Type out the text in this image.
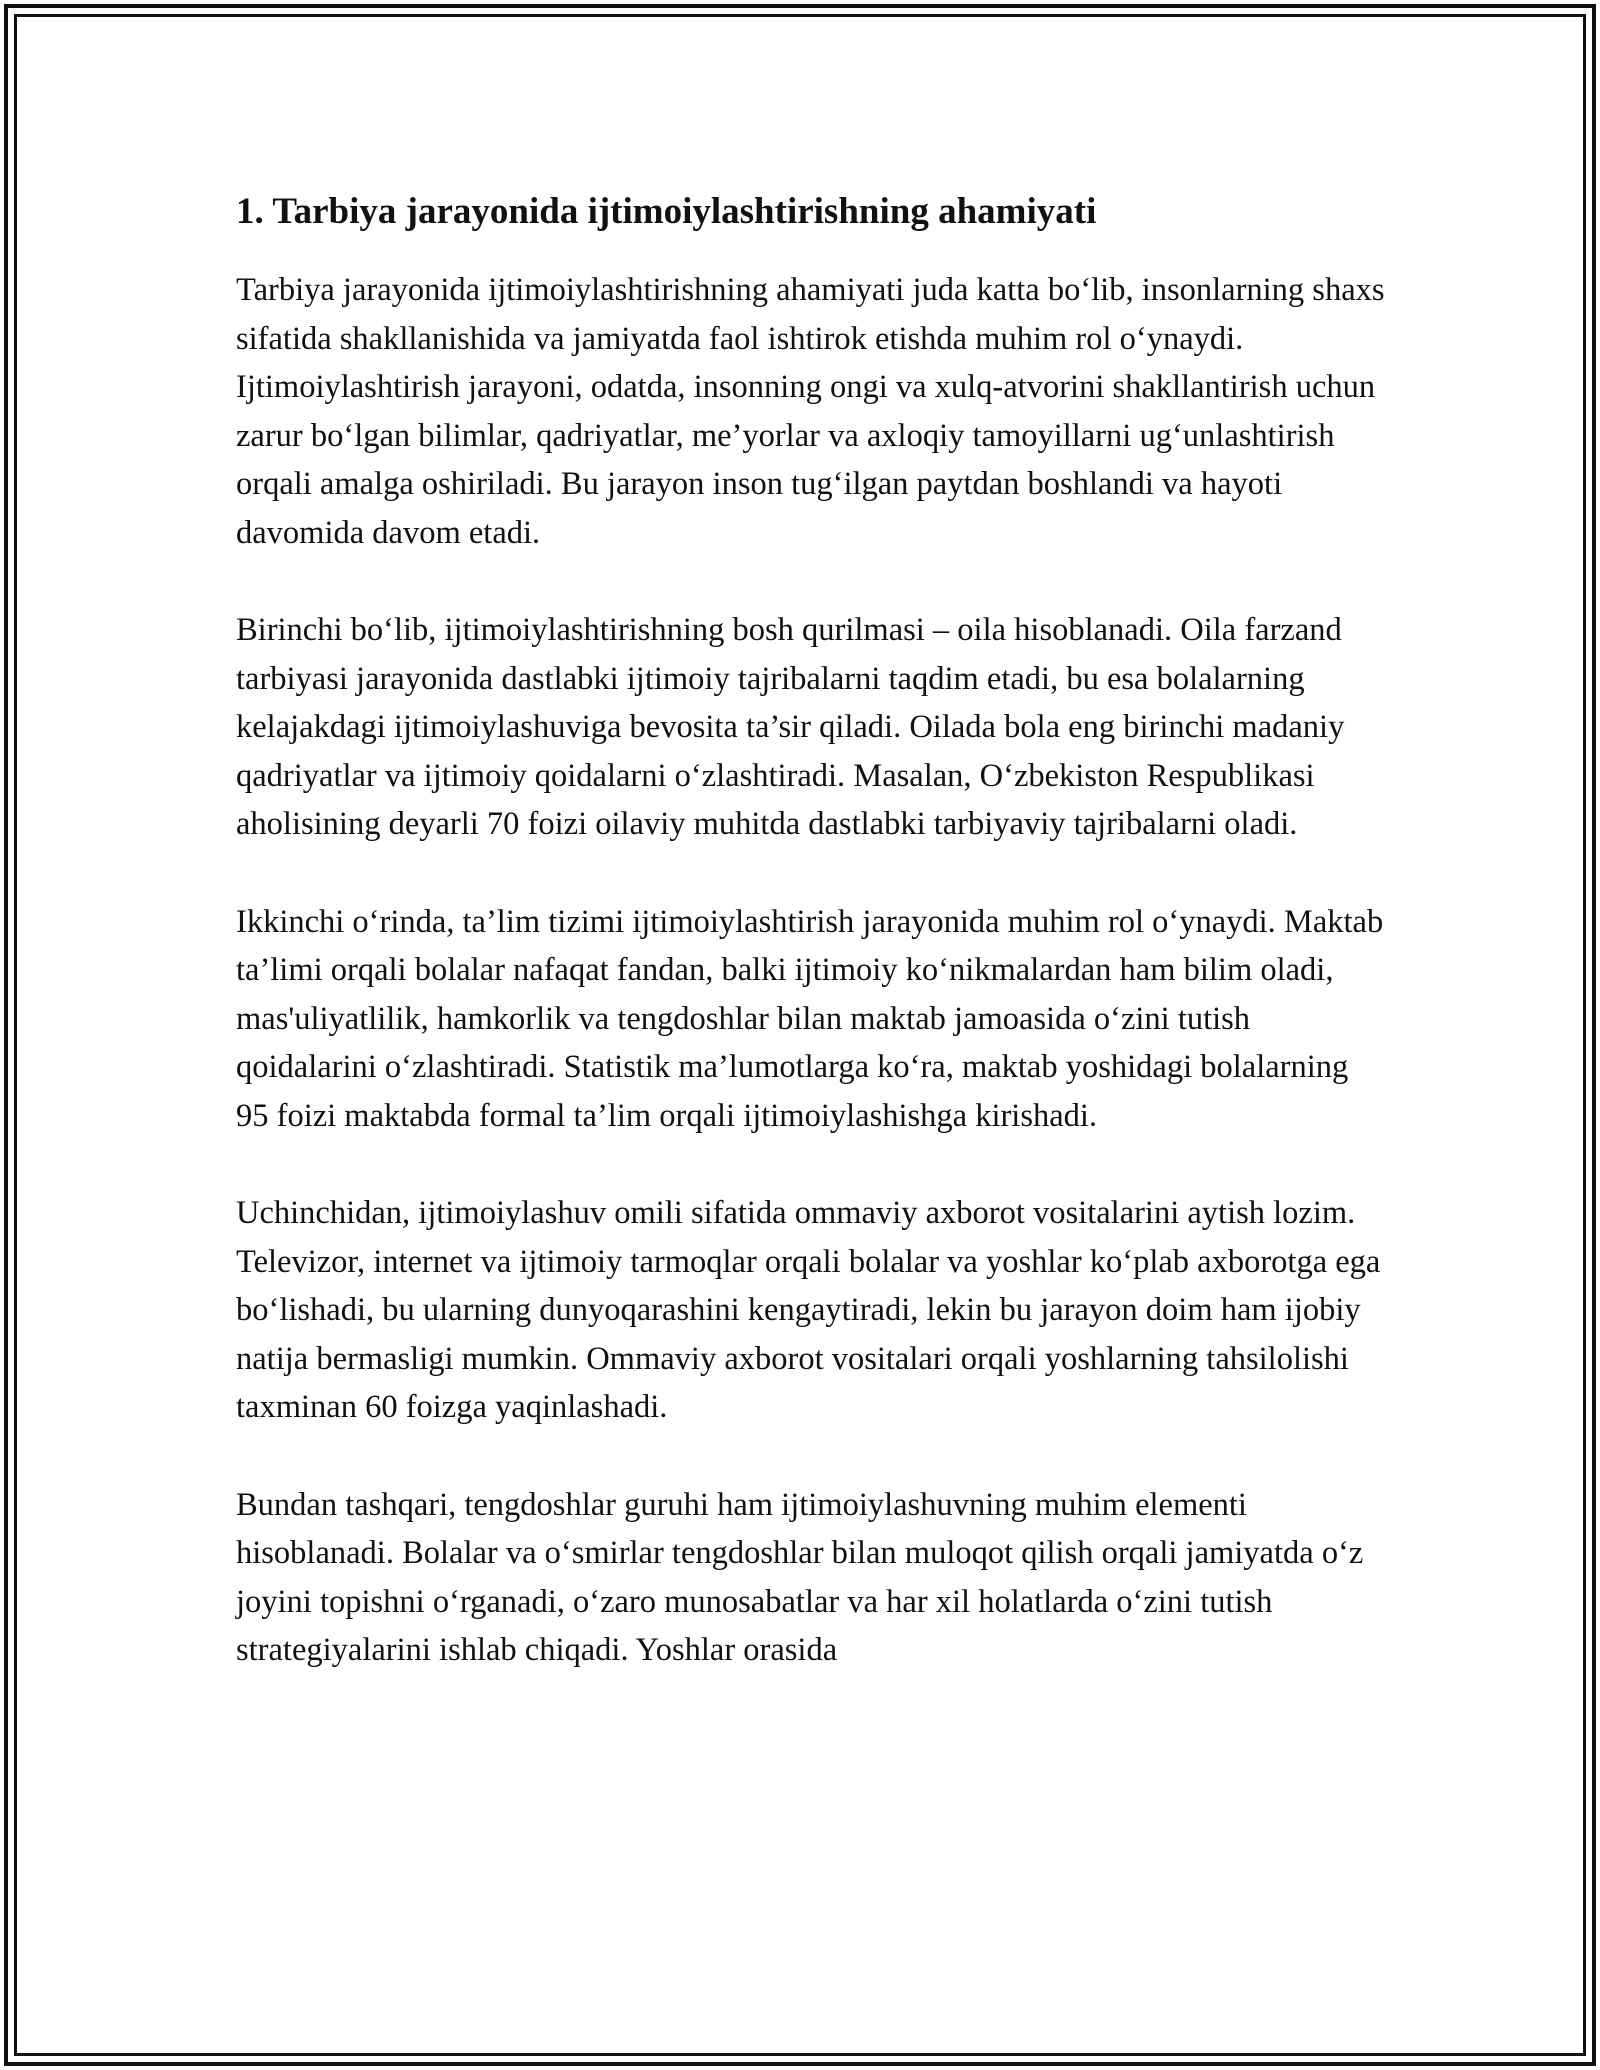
1. Tarbiya jarayonida ijtimoiylashtirishning ahamiyati

Tarbiya jarayonida ijtimoiylashtirishning ahamiyati juda katta boʻlib, insonlarning shaxs sifatida shakllanishida va jamiyatda faol ishtirok etishda muhim rol oʻynaydi. Ijtimoiylashtirish jarayoni, odatda, insonning ongi va xulq-atvorini shakllantirish uchun zarur boʻlgan bilimlar, qadriyatlar, me’yorlar va axloqiy tamoyillarni ugʻunlashtirish orqali amalga oshiriladi. Bu jarayon inson tugʻilgan paytdan boshlandi va hayoti davomida davom etadi.

Birinchi boʻlib, ijtimoiylashtirishning bosh qurilmasi – oila hisoblanadi. Oila farzand tarbiyasi jarayonida dastlabki ijtimoiy tajribalarni taqdim etadi, bu esa bolalarning kelajakdagi ijtimoiylashuviga bevosita ta’sir qiladi. Oilada bola eng birinchi madaniy qadriyatlar va ijtimoiy qoidalarni oʻzlashtiradi. Masalan, Oʻzbekiston Respublikasi aholisining deyarli 70 foizi oilaviy muhitda dastlabki tarbiyaviy tajribalarni oladi.

Ikkinchi oʻrinda, ta’lim tizimi ijtimoiylashtirish jarayonida muhim rol oʻynaydi. Maktab ta’limi orqali bolalar nafaqat fandan, balki ijtimoiy koʻnikmalardan ham bilim oladi, mas'uliyatlilik, hamkorlik va tengdoshlar bilan maktab jamoasida oʻzini tutish qoidalarini oʻzlashtiradi. Statistik ma’lumotlarga koʻra, maktab yoshidagi bolalarning 95 foizi maktabda formal ta’lim orqali ijtimoiylashishga kirishadi.

Uchinchidan, ijtimoiylashuv omili sifatida ommaviy axborot vositalarini aytish lozim. Televizor, internet va ijtimoiy tarmoqlar orqali bolalar va yoshlar koʻplab axborotga ega boʻlishadi, bu ularning dunyoqarashini kengaytiradi, lekin bu jarayon doim ham ijobiy natija bermasligi mumkin. Ommaviy axborot vositalari orqali yoshlarning tahsilolishi taxminan 60 foizga yaqinlashadi.

Bundan tashqari, tengdoshlar guruhi ham ijtimoiylashuvning muhim elementi hisoblanadi. Bolalar va oʻsmirlar tengdoshlar bilan muloqot qilish orqali jamiyatda oʻz joyini topishni oʻrganadi, oʻzaro munosabatlar va har xil holatlarda oʻzini tutish strategiyalarini ishlab chiqadi. Yoshlar orasida
